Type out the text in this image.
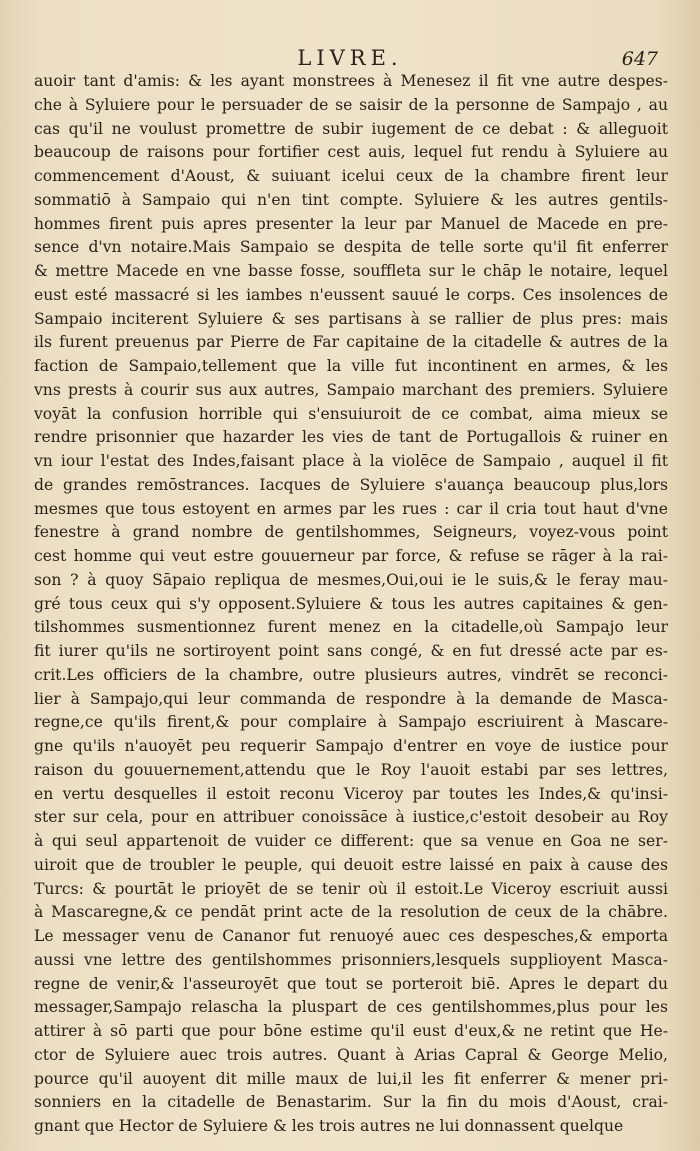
LIVRE.	647
auoir tant d'amis: & les ayant monstrees à Menesez il fit vne autre despes-
che à Syluiere pour le persuader de se saisir de la personne de Sampajo , au
cas qu'il ne voulust promettre de subir iugement de ce debat : & alleguoit
beaucoup de raisons pour fortifier cest auis, lequel fut rendu à Syluiere au
commencement d'Aoust, & suiuant icelui ceux de la chambre firent leur
sommatiō à Sampaio qui n'en tint compte. Syluiere & les autres gentils-
hommes firent puis apres presenter la leur par Manuel de Macede en pre-
sence d'vn notaire.Mais Sampaio se despita de telle sorte qu'il fit enferrer
& mettre Macede en vne basse fosse, souffleta sur le chāp le notaire, lequel
eust esté massacré si les iambes n'eussent sauué le corps. Ces insolences de
Sampaio inciterent Syluiere & ses partisans à se rallier de plus pres: mais
ils furent preuenus par Pierre de Far capitaine de la citadelle & autres de la
faction de Sampaio,tellement que la ville fut incontinent en armes, & les
vns prests à courir sus aux autres, Sampaio marchant des premiers. Syluiere
voyāt la confusion horrible qui s'ensuiuroit de ce combat, aima mieux se
rendre prisonnier que hazarder les vies de tant de Portugallois & ruiner en
vn iour l'estat des Indes,faisant place à la violēce de Sampaio , auquel il fit
de grandes remōstrances. Iacques de Syluiere s'auança beaucoup plus,lors
mesmes que tous estoyent en armes par les rues : car il cria tout haut d'vne
fenestre à grand nombre de gentilshommes, Seigneurs, voyez-vous point
cest homme qui veut estre gouuerneur par force, & refuse se rāger à la rai-
son ? à quoy Sāpaio repliqua de mesmes,Oui,oui ie le suis,& le feray mau-
gré tous ceux qui s'y opposent.Syluiere & tous les autres capitaines & gen-
tilshommes susmentionnez furent menez en la citadelle,où Sampajo leur
fit iurer qu'ils ne sortiroyent point sans congé, & en fut dressé acte par es-
crit.Les officiers de la chambre, outre plusieurs autres, vindrēt se reconci-
lier à Sampajo,qui leur commanda de respondre à la demande de Masca-
regne,ce qu'ils firent,& pour complaire à Sampajo escriuirent à Mascare-
gne qu'ils n'auoyēt peu requerir Sampajo d'entrer en voye de iustice pour
raison du gouuernement,attendu que le Roy l'auoit estabi par ses lettres,
en vertu desquelles il estoit reconu Viceroy par toutes les Indes,& qu'insi-
ster sur cela, pour en attribuer conoissāce à iustice,c'estoit desobeir au Roy
à qui seul appartenoit de vuider ce different: que sa venue en Goa ne ser-
uiroit que de troubler le peuple, qui deuoit estre laissé en paix à cause des
Turcs: & pourtāt le prioyēt de se tenir où il estoit.Le Viceroy escriuit aussi
à Mascaregne,& ce pendāt print acte de la resolution de ceux de la chābre.
Le messager venu de Cananor fut renuoyé auec ces despesches,& emporta
aussi vne lettre des gentilshommes prisonniers,lesquels supplioyent Masca-
regne de venir,& l'asseuroyēt que tout se porteroit biē. Apres le depart du
messager,Sampajo relascha la pluspart de ces gentilshommes,plus pour les
attirer à sō parti que pour bōne estime qu'il eust d'eux,& ne retint que He-
ctor de Syluiere auec trois autres. Quant à Arias Capral & George Melio,
pource qu'il auoyent dit mille maux de lui,il les fit enferrer & mener pri-
sonniers en la citadelle de Benastarim. Sur la fin du mois d'Aoust, crai-
gnant que Hector de Syluiere & les trois autres ne lui donnassent quelque
